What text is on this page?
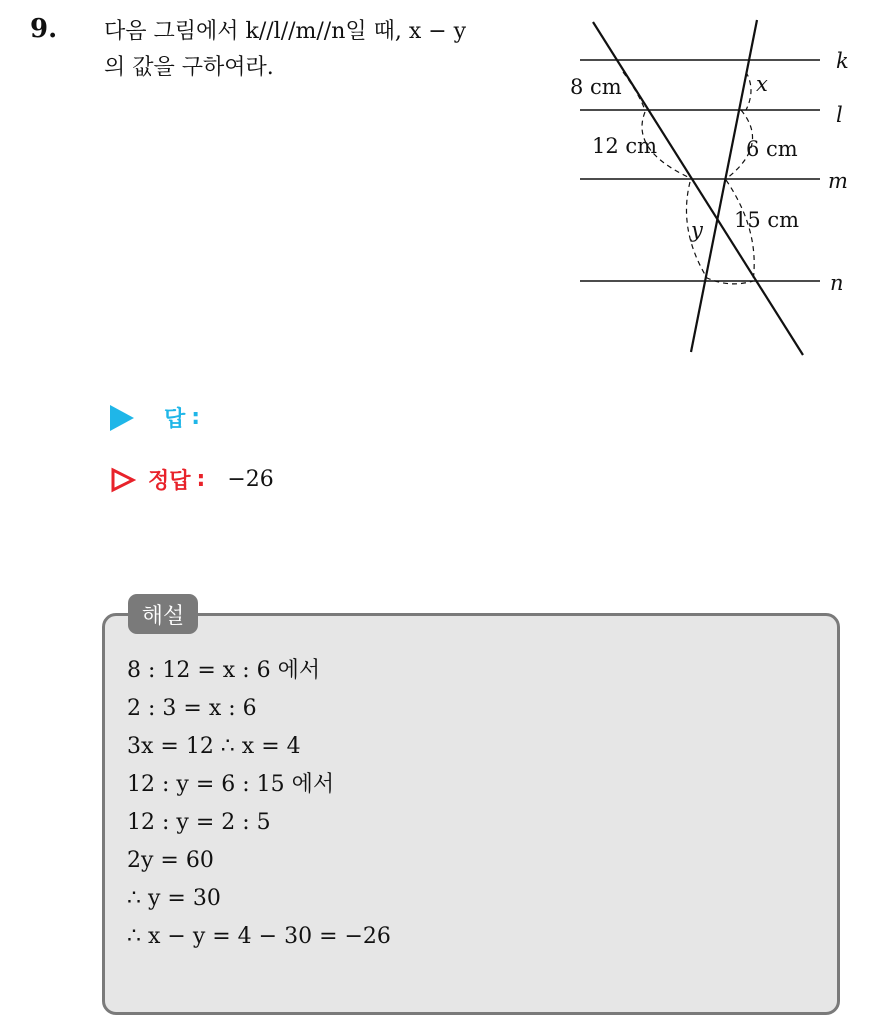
9. 다음 그림에서 k//l//m//n일 때, x − y
의 값을 구하여라.	k
l
m
n
8 cm
12 cm
x
6 cm
15 cm
y
답 :
정답 : −26
해설
8 : 12 = x : 6 에서
2 : 3 = x : 6
3x = 12 ∴ x = 4
12 : y = 6 : 15 에서
12 : y = 2 : 5
2y = 60
∴ y = 30
∴ x − y = 4 − 30 = −26
